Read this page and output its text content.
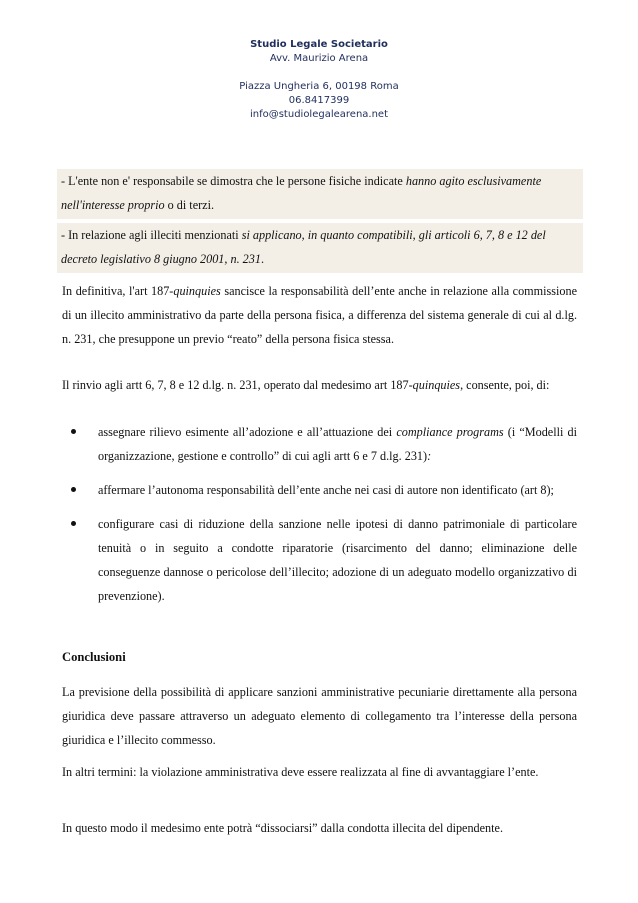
Studio Legale Societario
Avv. Maurizio Arena
Piazza Ungheria 6, 00198 Roma
06.8417399
info@studiolegalearena.net
- L'ente non e' responsabile se dimostra che le persone fisiche indicate hanno agito esclusivamente nell'interesse proprio o di terzi.
- In relazione agli illeciti menzionati si applicano, in quanto compatibili, gli articoli 6, 7, 8 e 12 del decreto legislativo 8 giugno 2001, n. 231.

In definitiva, l'art 187-quinquies sancisce la responsabilità dell’ente anche in relazione alla commissione di un illecito amministrativo da parte della persona fisica, a differenza del sistema generale di cui al d.lg. n. 231, che presuppone un previo “reato” della persona fisica stessa.

Il rinvio agli artt 6, 7, 8 e 12 d.lg. n. 231, operato dal medesimo art 187-quinquies, consente, poi, di:

assegnare rilievo esimente all’adozione e all’attuazione dei compliance programs (i “Modelli di organizzazione, gestione e controllo” di cui agli artt 6 e 7 d.lg. 231):
affermare l’autonoma responsabilità dell’ente anche nei casi di autore non identificato (art 8);
configurare casi di riduzione della sanzione nelle ipotesi di danno patrimoniale di particolare tenuità o in seguito a condotte riparatorie (risarcimento del danno; eliminazione delle conseguenze dannose o pericolose dell’illecito; adozione di un adeguato modello organizzativo di prevenzione).
Conclusioni

La previsione della possibilità di applicare sanzioni amministrative pecuniarie direttamente alla persona giuridica deve passare attraverso un adeguato elemento di collegamento tra l’interesse della persona giuridica e l’illecito commesso.

In altri termini: la violazione amministrativa deve essere realizzata al fine di avvantaggiare l’ente.

In questo modo il medesimo ente potrà “dissociarsi” dalla condotta illecita del dipendente.
